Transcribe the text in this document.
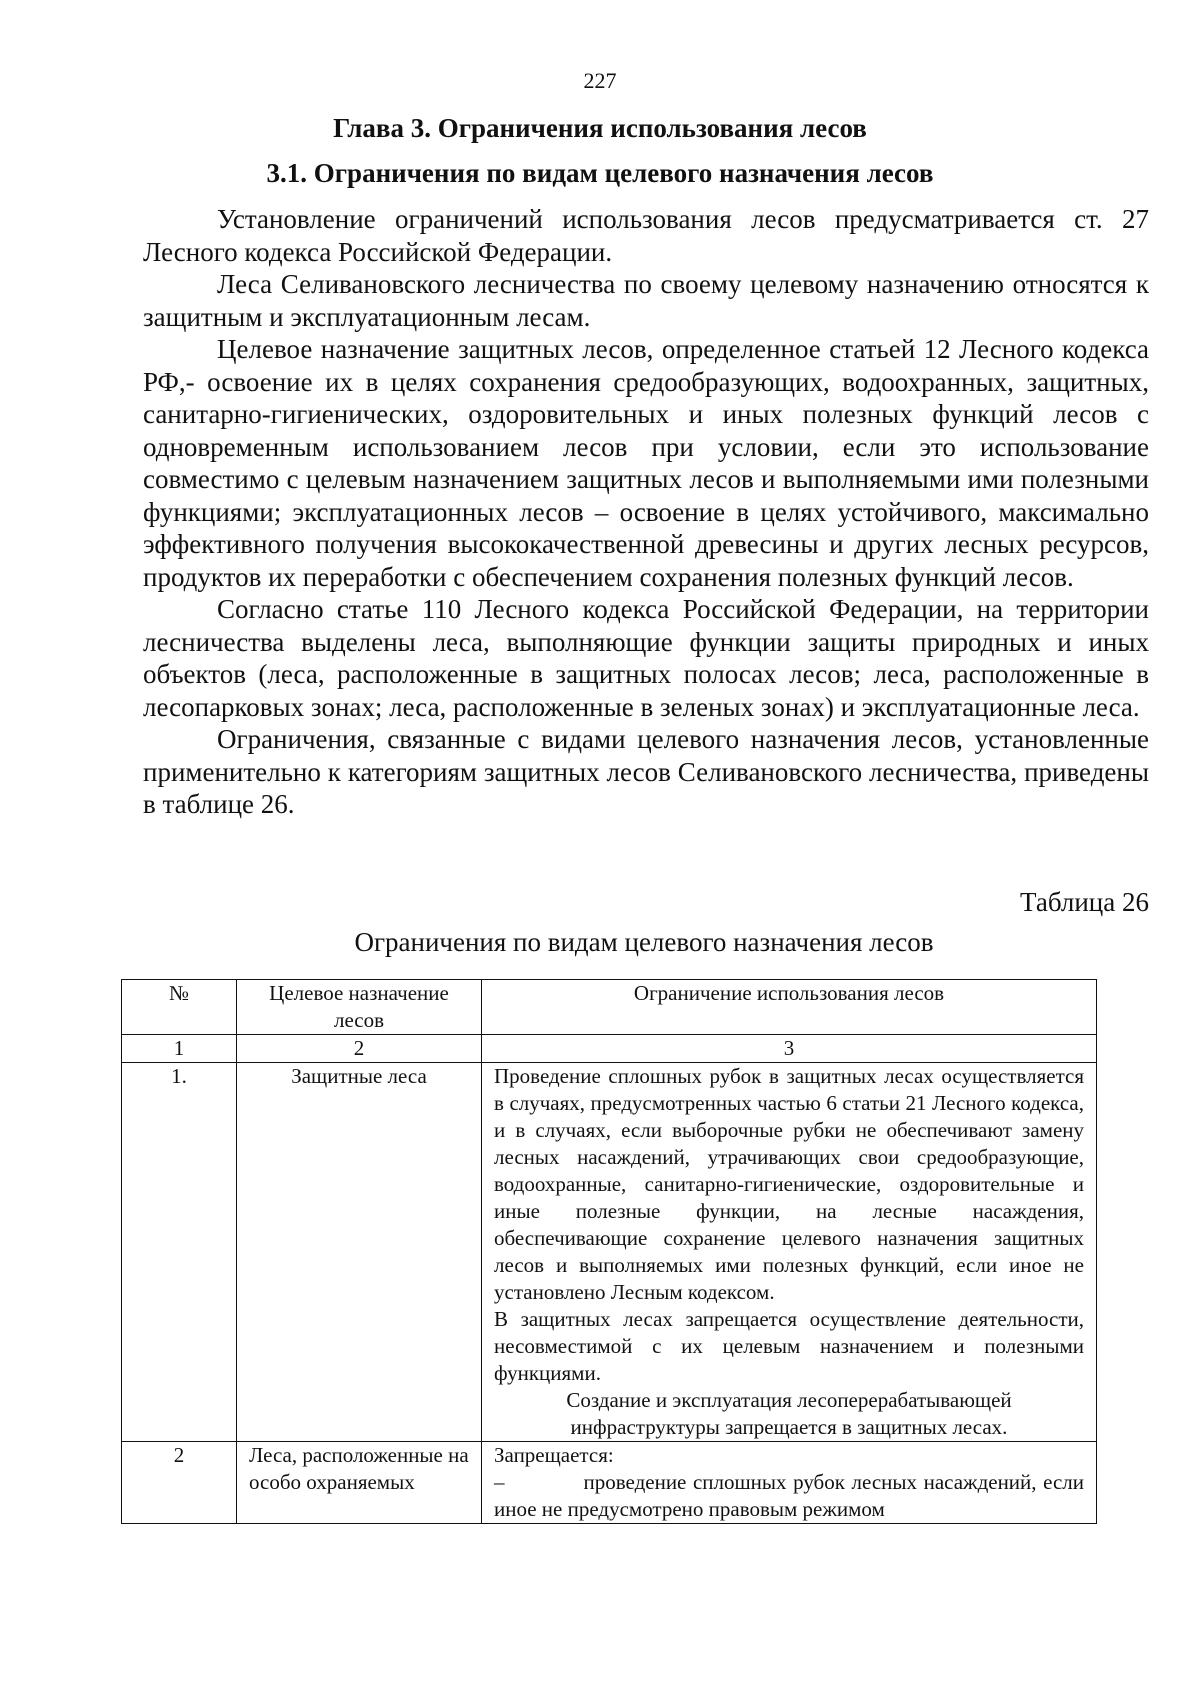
227
Глава 3. Ограничения использования лесов
3.1. Ограничения по видам целевого назначения лесов

Установление ограничений использования лесов предусматривается ст. 27 Лесного кодекса Российской Федерации.

Леса Селивановского лесничества по своему целевому назначению относятся к защитным и эксплуатационным лесам.

Целевое назначение защитных лесов, определенное статьей 12 Лесного кодекса РФ,- освоение их в целях сохранения средообразующих, водоохранных, защитных, санитарно-гигиенических, оздоровительных и иных полезных функций лесов с одновременным использованием лесов при условии, если это использование совместимо с целевым назначением защитных лесов и выполняемыми ими полезными функциями; эксплуатационных лесов – освоение в целях устойчивого, максимально эффективного получения высококачественной древесины и других лесных ресурсов, продуктов их переработки с обеспечением сохранения полезных функций лесов.

Согласно статье 110 Лесного кодекса Российской Федерации, на территории лесничества выделены леса, выполняющие функции защиты природных и иных объектов (леса, расположенные в защитных полосах лесов; леса, расположенные в лесопарковых зонах; леса, расположенные в зеленых зонах) и эксплуатационные леса.

Ограничения, связанные с видами целевого назначения лесов, установленные применительно к категориям защитных лесов Селивановского лесничества, приведены в таблице 26.

Таблица 26
Ограничения по видам целевого назначения лесов
№	Целевое назначение лесов	Ограничение использования лесов
1	2	3
1.	Защитные леса	Проведение сплошных рубок в защитных лесах осуществляется в случаях, предусмотренных частью 6 статьи 21 Лесного кодекса, и в случаях, если выборочные рубки не обеспечивают замену лесных насаждений, утрачивающих свои средообразующие, водоохранные, санитарно-гигиенические, оздоровительные и иные полезные функции, на лесные насаждения, обеспечивающие сохранение целевого назначения защитных лесов и выполняемых ими полезных функций, если иное не установлено Лесным кодексом.

В защитных лесах запрещается осуществление деятельности, несовместимой с их целевым назначением и полезными функциями.

Создание и эксплуатация лесоперерабатывающей инфраструктуры запрещается в защитных лесах.

2	Леса, расположенные на особо охраняемых	Запрещается:

–            проведение сплошных рубок лесных насаждений, если иное не предусмотрено правовым режимом
